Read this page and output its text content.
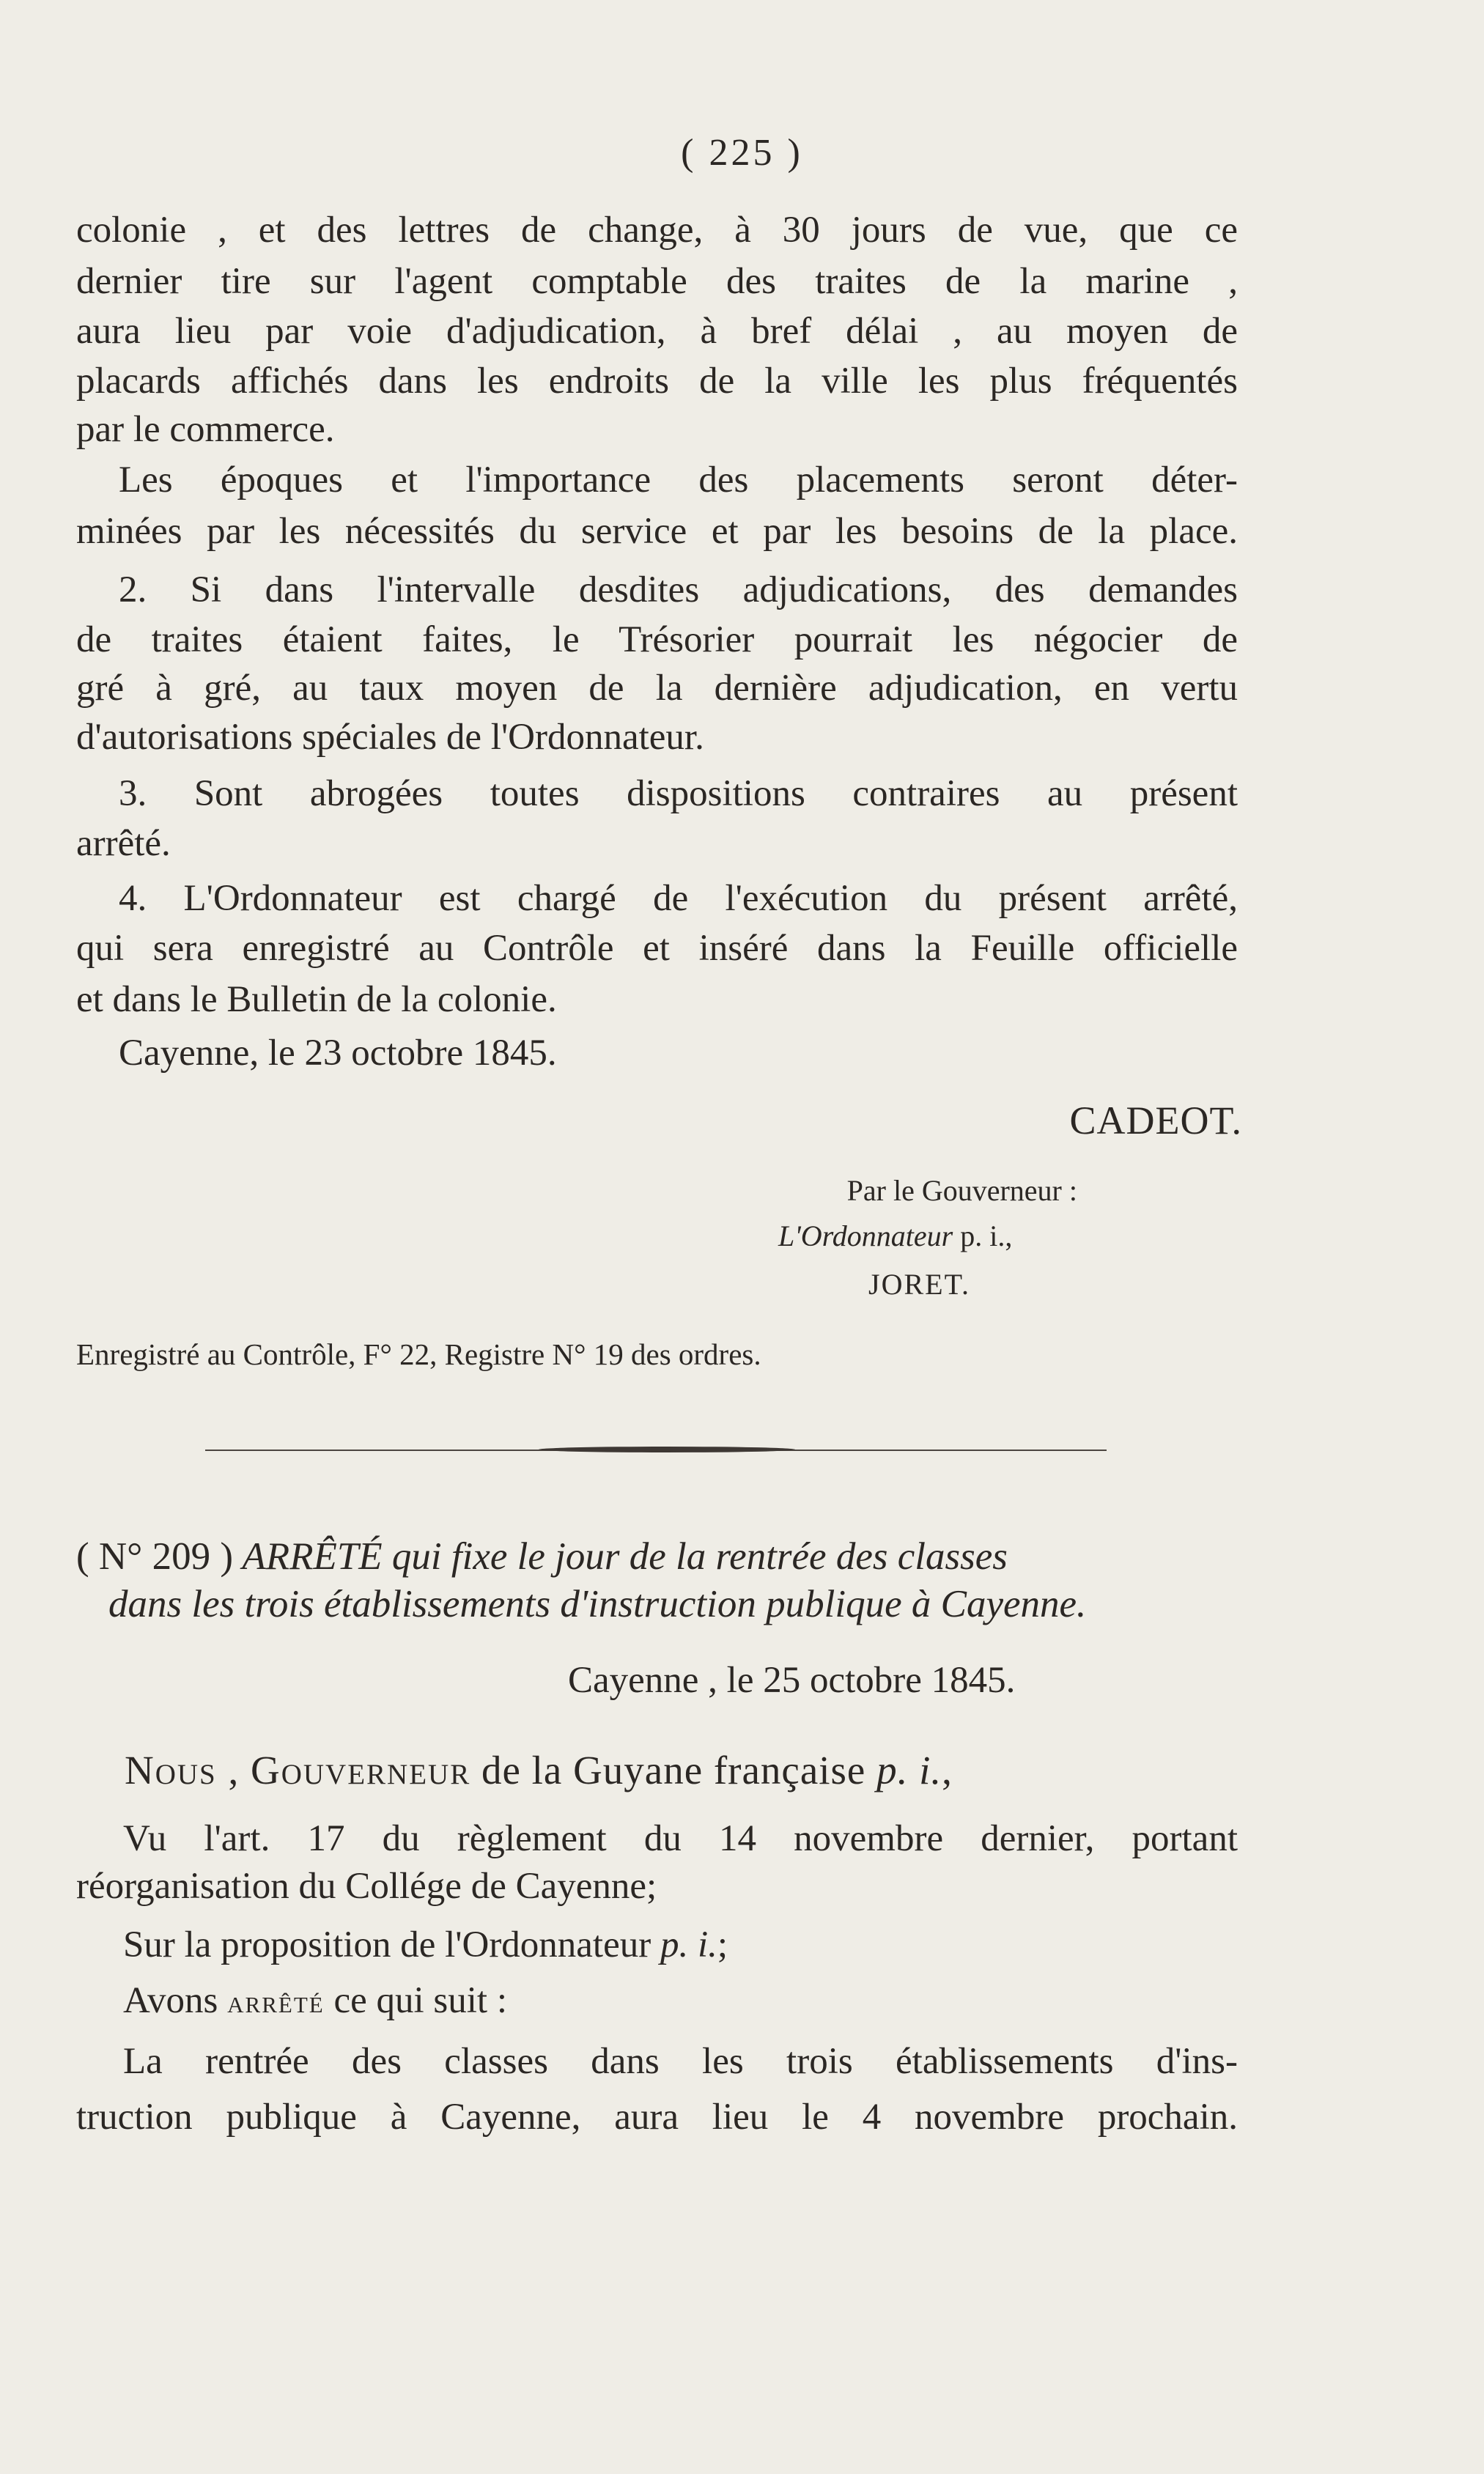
( 225 )
colonie , et des lettres de change, à 30 jours de vue, que ce
dernier tire sur l'agent comptable des traites de la marine ,
aura lieu par voie d'adjudication, à bref délai , au moyen de
placards affichés dans les endroits de la ville les plus fréquentés
par le commerce.
Les époques et l'importance des placements seront déter-
minées par les nécessités du service et par les besoins de la place.
2. Si dans l'intervalle desdites adjudications, des demandes
de traites étaient faites, le Trésorier pourrait les négocier de
gré à gré, au taux moyen de la dernière adjudication, en vertu
d'autorisations spéciales de l'Ordonnateur.
3. Sont abrogées toutes dispositions contraires au présent
arrêté.
4. L'Ordonnateur est chargé de l'exécution du présent arrêté,
qui sera enregistré au Contrôle et inséré dans la Feuille officielle
et dans le Bulletin de la colonie.
Cayenne, le 23 octobre 1845.
CADEOT.
Par le Gouverneur :
L'Ordonnateur p. i.,
JORET.
Enregistré au Contrôle, F° 22, Registre N° 19 des ordres.
( N° 209 ) ARRÊTÉ qui fixe le jour de la rentrée des classes
dans les trois établissements d'instruction publique à Cayenne.
Cayenne , le 25 octobre 1845.
Nous , Gouverneur de la Guyane française p. i.,
Vu l'art. 17 du règlement du 14 novembre dernier, portant
réorganisation du Collége de Cayenne;
Sur la proposition de l'Ordonnateur p. i.;
Avons arrêté ce qui suit :
La rentrée des classes dans les trois établissements d'ins-
truction publique à Cayenne, aura lieu le 4 novembre prochain.
